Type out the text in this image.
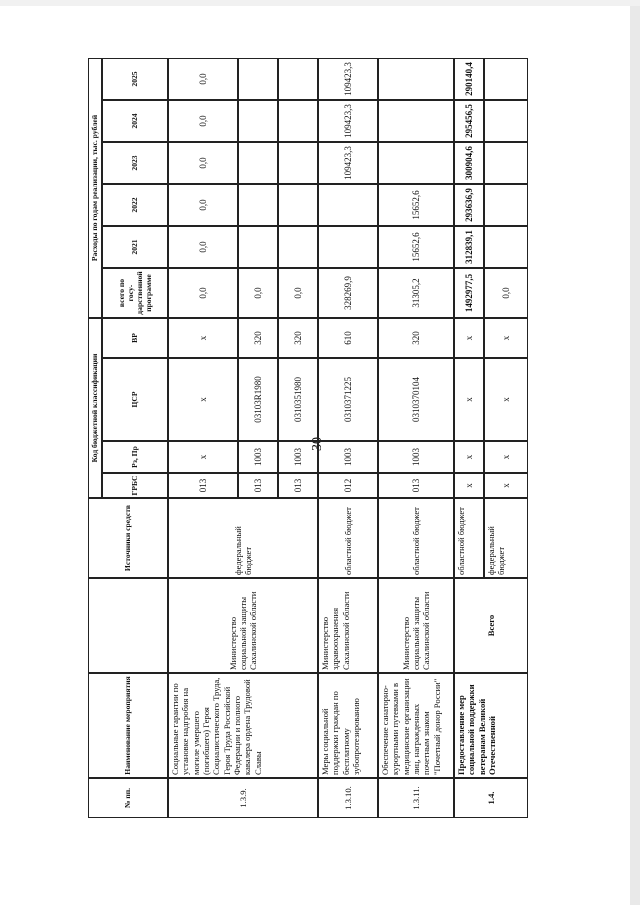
30
№ пп.
Наименование мероприятия
Источники средств
Код бюджетной классификации
ГРБС
Рз, Пр
ЦСР
ВР
Расходы по годам реализации, тыс. рублей
всего по госу-дарственной программе
2021
2022
2023
2024
2025
1.3.9.
Социальные гарантии по установке надгробия на могиле умершего (погибшего) Героя Социалистического Труда, Героя Труда Российской Федерации и полного кавалера ордена Трудовой Славы
Министерство социальной защиты Сахалинской области
федеральный бюджет
013
x
x
x
013
1003
03103R1980
320
013
1003
0310351980
320
0,0
0,0
0,0
0,0
0,0
0,0
0,0	0,0
1.3.10.
Меры социальной поддержки граждан по бесплатному зубопротезированию
Министерство здравоохранения Сахалинской области
областной бюджет
012
1003
0310371225
610
328269,9
109423,3
109423,3
109423,3
1.3.11.
Обеспечение санаторно-курортными путевками в медицинские организации лиц, награжденных почетным знаком "Почетный донор России"
Министерство социальной защиты Сахалинской области
областной бюджет
013
1003
0310370104
320
31305,2
15652,6
15652,6
1.4.
Предоставление мер социальной поддержки ветеранам Великой Отечественной
Всего
областной бюджет	федеральный бюджет
x
x
x
x
x
x
x
x
1492977,5
312839,1
293636,9
300904,6
295456,5
290140,4
0,0
